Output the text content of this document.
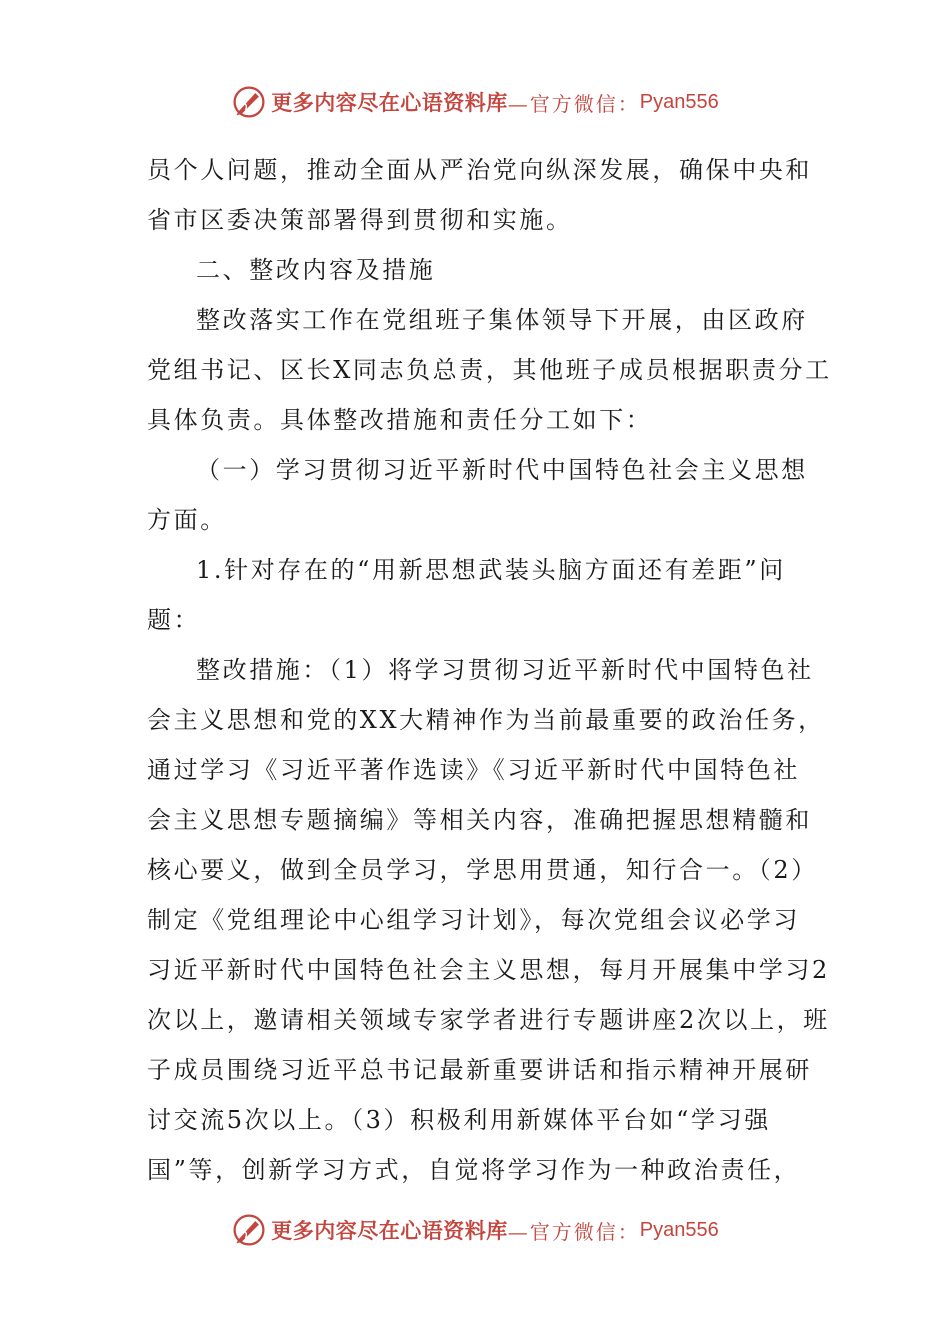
更多内容尽在心语资料库 —官方微信： Pyan556
员个人问题，推动全面从严治党向纵深发展，确保中央和
省市区委决策部署得到贯彻和实施。
二、整改内容及措施
整改落实工作在党组班子集体领导下开展，由区政府
党组书记、区长X同志负总责，其他班子成员根据职责分工
具体负责。具体整改措施和责任分工如下：
（一）学习贯彻习近平新时代中国特色社会主义思想
方面。
1.针对存在的“用新思想武装头脑方面还有差距”问
题：
整改措施：（1）将学习贯彻习近平新时代中国特色社
会主义思想和党的XX大精神作为当前最重要的政治任务，
通过学习《习近平著作选读》《习近平新时代中国特色社
会主义思想专题摘编》等相关内容，准确把握思想精髓和
核心要义，做到全员学习，学思用贯通，知行合一。（2）
制定《党组理论中心组学习计划》，每次党组会议必学习
习近平新时代中国特色社会主义思想，每月开展集中学习2
次以上，邀请相关领域专家学者进行专题讲座2次以上，班
子成员围绕习近平总书记最新重要讲话和指示精神开展研
讨交流5次以上。（3）积极利用新媒体平台如“学习强
国”等，创新学习方式，自觉将学习作为一种政治责任，
更多内容尽在心语资料库 —官方微信： Pyan556
